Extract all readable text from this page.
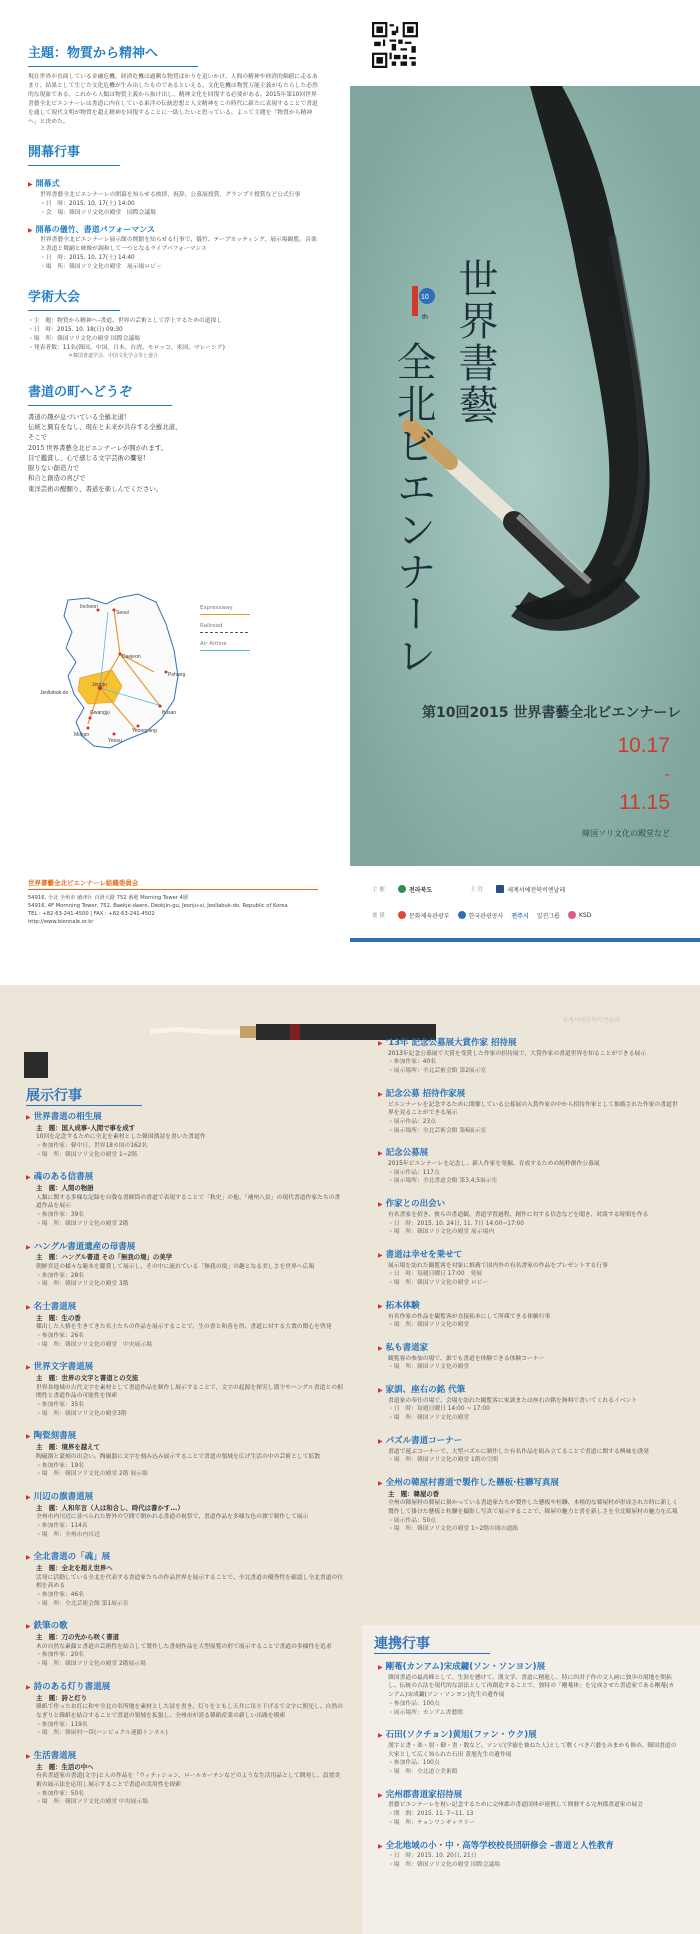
主題：物質から精神へ
現在世界が直面している金融危機、経済危機は過剰な物質ばかりを追いかけ、人間の精神や経済的価値に走るあまり、結果として生じた文化危機が生み出したものであるといえる。文化危機は物質万能主義がもたらした必然的な現象である。これから人類は物質主義から抜け出し、精神文化を回復する必要がある。2015年第10回世界書藝全北ビエンナーレは書道に内在している東洋の伝統思想と人文精神をこの時代に新たに表現することで書道を通して現代文明が物質を超え精神を回復することに一助したいと思っている。よって主題を「物質から精神へ」と決めた。
開幕行事
▶ 開幕式
世界書藝全北ビエンナーレの開幕を知らせる挨拶、祝辞、公募展授賞、グランプリ授賞など公式行事
・日　時：2015. 10. 17(土) 14:00
・会　場：韓国ソリ文化の殿堂　国際会議場
▶ 開幕の儀竹、書道パフォーマンス
世界書藝全北ビエンナーレ展示館の開館を知らせる行事で、儀竹、テープカッティング、展示場観覧。音楽と書道と舞踊と映像が調和して一つとなるライブパフォーマンス
・日　時：2015. 10. 17(土) 14:40
・場　所：韓国ソリ文化の殿堂　展示場ロビー
学術大会
・主　題：物質から精神へ–書道、世界の芸術として浮上するための道探し
・日　時：2015. 10. 18(日) 09:30
・場　所：韓国ソリ文化の殿堂 国際会議場
・発表者数：11名(韓国、中国、日本、台湾、モロッコ、米国、マレーシア)
＊韓国書道学会、中国文化学会等と連合
書道の町へどうぞ

書道の趣が息づいている全羅北道!

伝統と興有をなし、現在と未来が共存する全羅北道、

そこで

2015 世界書藝全北ビエンナーレが開かれます。

目で鑑賞し、心で感じる文字芸術の饗宴!

限りない創造力で

和合と創造の喜びで

東洋芸術の醍醐り、書道を楽しんでください。

Incheon
Seoul
Daejeon
Jeonju
Jeollabuk-do
Gwangju
Mokpo
Yeosu
Busan
Pohang
Yeongyang
Expressway
Railroad
Air Airline
世界書藝全北ビエンナーレ組織委員会
54916, 全北 全州市 徳津区 百済大路 752 番地 Morning Tower 4層
54916, 4F Mornning Tower, 752, Baekje-daero, Deokjin-gu, Jeonju-si, Jeollabuk-do, Republic of Korea
TEL : +82-63-241-4500 | FAX : +82-63-241-4502
http://www.biennale.or.kr
th
10 世界書藝
全北ビエンナーレ
第10回2015 世界書藝全北ビエンナーレ
10.17
-
11.15
韓国ソリ文化の殿堂など
主 催	전라북도	主 管	세계서예전북비엔날레
後 援	문화체육관광부	한국관광공사 전주시 일진그룹	KSD
세계서예전북비엔날레
展示行事
▶ 世界書道の相生展
主　題：国人成事–人間で事を成す
10回を記念するために全北を素材とした韓国漢詩を書いた書道作
・参加作家：韓中日、世界18カ国の162名
・場　所：韓国ソリ文化の殿堂 1~2階
▶ 魂のある信書展
主　題：人間の物語
人類に関する多様な記録を自我な書師筒の書道で表現することで「秋史」の他、「補州八景」の現代書道作家たちの書道作品を展示
・参加作家：39名
・場　所：韓国ソリ文化の殿堂 2階
▶ ハングル書道遺産の母書展
主　題：ハングル書道 その「無我の境」の美学
朝鮮宮廷の様々な範本を鑑賞して展示し、その中に流れている「無我の境」の趣となる美しさを世界へ広報
・参加作家：28名
・場　所：韓国ソリ文化の殿堂 3階
▶ 名士書道展
主　題：生の香
傑出した人格を生きてきた名士たちの作品を展示することで、生の香と和善を得、書道に対する大衆の関心を啓発
・参加作家：26名
・場　所：韓国ソリ文化の殿堂　中央展示場
▶ 世界文字書道展
主　題：世界の文字と書道との交流
世界各地域の古代文字を素材として書道作品を制作し展示することで、文字の起源を探究し漢字やハングル書道との相関性と書道作品の可能性を探索
・参加作家：35名
・場　所：韓国ソリ文化の殿堂3階
▶ 陶瓷刻書展
主　題：境界を越えて
陶磁器と篆刻の出会い。陶磁器に文字を刻み込み展示することで書道の領域を広げ生活の中の芸術として拡散
・参加作家：19名
・場　所：韓国ソリ文化の殿堂 2階 展示場
▶ 川辺の旗書道展
主　題：人和年言（人は和合し、時代は書かす...）
全州市内川辺に並べられた野外の空間で開かれる書道の祝祭で、書道作品を多様な色の旗で制作して展示
・参加作家：114名
・場　所：全州市内川辺
▶ 全北書道の「魂」展
主　題：全北を超え世界へ
活発に活動している全北を代表する書道家たちの作品世界を展示することで、全北書道の優秀性を確認し全北書道の位相を高める
・参加作家：46名
・場　所：全北芸術会館 第1展示室
▶ 鉄筆の歌
主　題：刀の先から咲く書道
木の自然な素顔と書道の芸術性を結合して製作した書刻作品を大型展覧の形で展示することで書道の多様性を追求
・参加作家：20名
・場　所：韓国ソリ文化の殿堂 2階展示場
▶ 詩のある灯り書道展
主　題：詩と灯り
韓紙で作ったお灯に和や全北の名所地を素材とした詩を書き、灯りをともし天井に吊り下げるで文字に照光し、自然のなぎりと韓紙を結合することで書道の領域を拡張し、全州市が誇る韓紙産業の新しい出路を模索
・参加作家：119名
・場　所：韓屋村一帯(ハンビョクル連鎖トンネル)
▶ 生活書道展
主　題：生活の中へ
有名書道家の書道(文字)と人の作品を「ウィティション、ロールカーテンなどのような生活用品として開発し、設置美術の展示法を応用し展示することで書道の実用性を探索
・参加作家：50名
・場　所：韓国ソリ文化の殿堂 中央展示場
▶ '13年 記念公募展大賞作家 招待展
2013年記念公募展で大賞を受賞した作家の招待展で、大賞作家の書道世界を知ることができる展示
・参加作家：40名
・展示場所：全北芸術会館 第2展示室
▶ 記念公募 招待作家展
ビエンナーレを記念するために開催している公募展の入賞作家の中から招待作家として推薦された作家の書道世界を見ることができる展示
・展示作品：23点
・展示場所：全北芸術会館 第6展示室
▶ 記念公募展
2015年ビエンナーレを記念し、新人作家を発掘、育成するための純粋創作公募展
・展示作品：117点
・展示場所：全北書道会館 第3,4,5展示室
▶ 作家との出会い
有名書家を招き、彼らの書道観、書道学習過程、創作に対する信念などを聞き、対談する時間を作る
・日　時：2015. 10. 24日, 11. 7日 14:00~17:00
・場　所：韓国ソリ文化の殿堂 展示場内
▶ 書道は幸せを乗せて
展示場を訪れた観覧客を対象に推薦で国内外の有名書家の作品をプレゼントする行事
・日　時：毎週日曜日 17:00　発展
・場　所：韓国ソリ文化の殿堂 ロビー
▶ 拓本体験
有名作家の作品を観覧客が直接拓本にして所蔵できる体験行事
・場　所：韓国ソリ文化の殿堂
▶ 私も書道家
観覧客の参加の場で、誰でも書道を体験できる体験コーナー
・場　所：韓国ソリ文化の殿堂
▶ 家訓、座右の銘 代筆
書道家の奉仕の場で、会場を訪れた観覧客に家訓または座右の銘を無料で書いてくれるイベント
・日　時：毎週日曜日 14:00 ~ 17:00
・場　所：韓国ソリ文化の殿堂
▶ パズル書道コーナー
書道で遊ぶコーナーで、大型パズルに制作した有名作品を組み立てることで書道に関する興味を誘発
・場　所：韓国ソリ文化の殿堂 1階の空間
▶ 全州の韓屋村書道で製作した懸板·柱聯写真展
主　題：韓屋の香
全州の韓屋村の韓屋に掛かっている書道家たちが製作した懸板や柱聯、本格的な韓屋村が形成された時に新しく製作して掛けた懸板と柱聯を撮影し写真で展示することで、韓屋の魅力と書を新しさを全北韓屋村の魅力を広報
・展示作品：50点
・場　所：韓国ソリ文化の殿堂 1~2階の間の通路
連携行事
▶ 剛菴(カンアム)宋成鏞(ソン・ソンヨン)展
韓国書道の最高峰として、生涯を懸けて、漢文学、書道に精進し、特に四君子作の文人画に独歩の境地を開拓し、伝統の古法を現代的な語法として再創造することで、独特の「剛菴体」を完成させた書道家である剛菴(カンアム)宋成鏞(ソン・ソンヨン)先生の遺作展
・参加作品：100点
・展示場所：カンアム書藝館
▶ 石田(ソクチョン)黄旭(ファン・ウク)展
漢字と書・楽・射・御・書・数など、ソンビ(学徳を兼ねた人)として敷くべき六藝をみまかも修め、韓国書道の大家として広く知られた石田 黄旭先生の遺作展
・参加作品：100点
・場　所：全北道立美術館
▶ 完州郡書道家招待展
書藝ビエンナーレを祝い記念するために完州郡の書道団体が連携して開催する完州郡書道家の展会
・期　間：2015. 11. 7~11. 13
・場　所：チョンワンギャラリー
▶ 全北地域の小・中・高等学校校長団研修会 –書道と人性教育
・日　時：2015. 10. 20日, 21日
・場　所：韓国ソリ文化の殿堂 国際会議場
